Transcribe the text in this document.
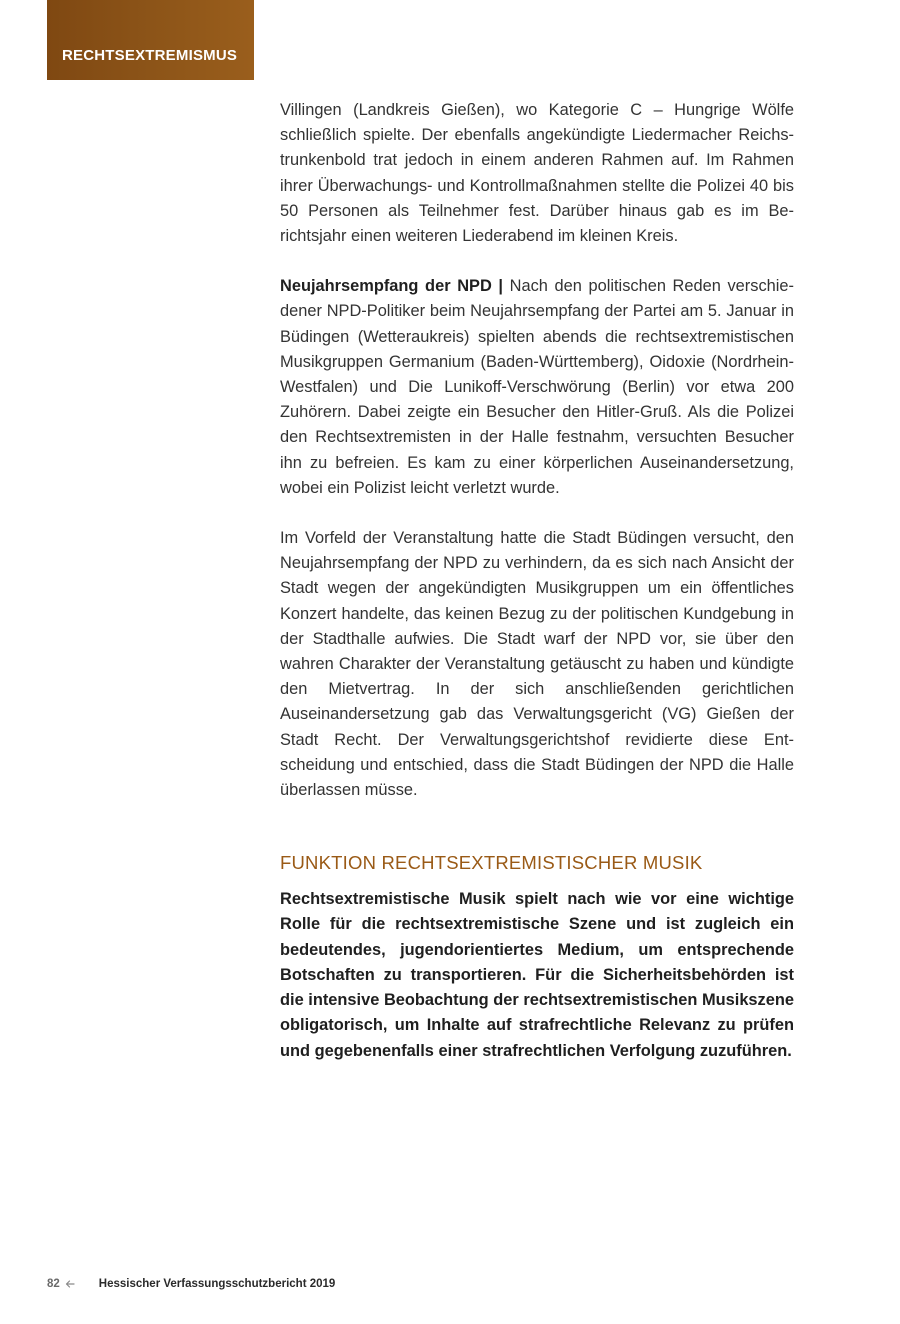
RECHTSEXTREMISMUS

Villingen (Landkreis Gießen), wo Kategorie C – Hungrige Wölfe schließlich spielte. Der ebenfalls angekündigte Liedermacher Reichstrunkenbold trat jedoch in einem anderen Rahmen auf. Im Rahmen ihrer Überwachungs- und Kontrollmaßnahmen stellte die Polizei 40 bis 50 Personen als Teilnehmer fest. Darüber hinaus gab es im Berichtsjahr einen weiteren Liederabend im kleinen Kreis.

Neujahrsempfang der NPD | Nach den politischen Reden verschiedener NPD-Politiker beim Neujahrsempfang der Partei am 5. Januar in Büdingen (Wetteraukreis) spielten abends die rechtsextremistischen Musikgruppen Germanium (Baden-Württemberg), Oidoxie (Nordrhein-Westfalen) und Die Lunikoff-Verschwörung (Berlin) vor etwa 200 Zuhörern. Dabei zeigte ein Besucher den Hitler-Gruß. Als die Polizei den Rechtsextremisten in der Halle festnahm, versuchten Besucher ihn zu befreien. Es kam zu einer körperlichen Auseinandersetzung, wobei ein Polizist leicht verletzt wurde.

Im Vorfeld der Veranstaltung hatte die Stadt Büdingen versucht, den Neujahrsempfang der NPD zu verhindern, da es sich nach Ansicht der Stadt wegen der angekündigten Musikgruppen um ein öffentliches Konzert handelte, das keinen Bezug zu der politischen Kundgebung in der Stadthalle aufwies. Die Stadt warf der NPD vor, sie über den wahren Charakter der Veranstaltung getäuscht zu haben und kündigte den Mietvertrag. In der sich anschließenden gerichtlichen Auseinandersetzung gab das Verwaltungsgericht (VG) Gießen der Stadt Recht. Der Verwaltungsgerichtshof revidierte diese Entscheidung und entschied, dass die Stadt Büdingen der NPD die Halle überlassen müsse.

FUNKTION RECHTSEXTREMISTISCHER MUSIK

Rechtsextremistische Musik spielt nach wie vor eine wichtige Rolle für die rechtsextremistische Szene und ist zugleich ein bedeutendes, jugendorientiertes Medium, um entsprechende Botschaften zu transportieren. Für die Sicherheitsbehörden ist die intensive Beobachtung der rechtsextremistischen Musikszene obligatorisch, um Inhalte auf strafrechtliche Relevanz zu prüfen und gegebenenfalls einer strafrechtlichen Verfolgung zuzuführen.

82	Hessischer Verfassungsschutzbericht 2019
